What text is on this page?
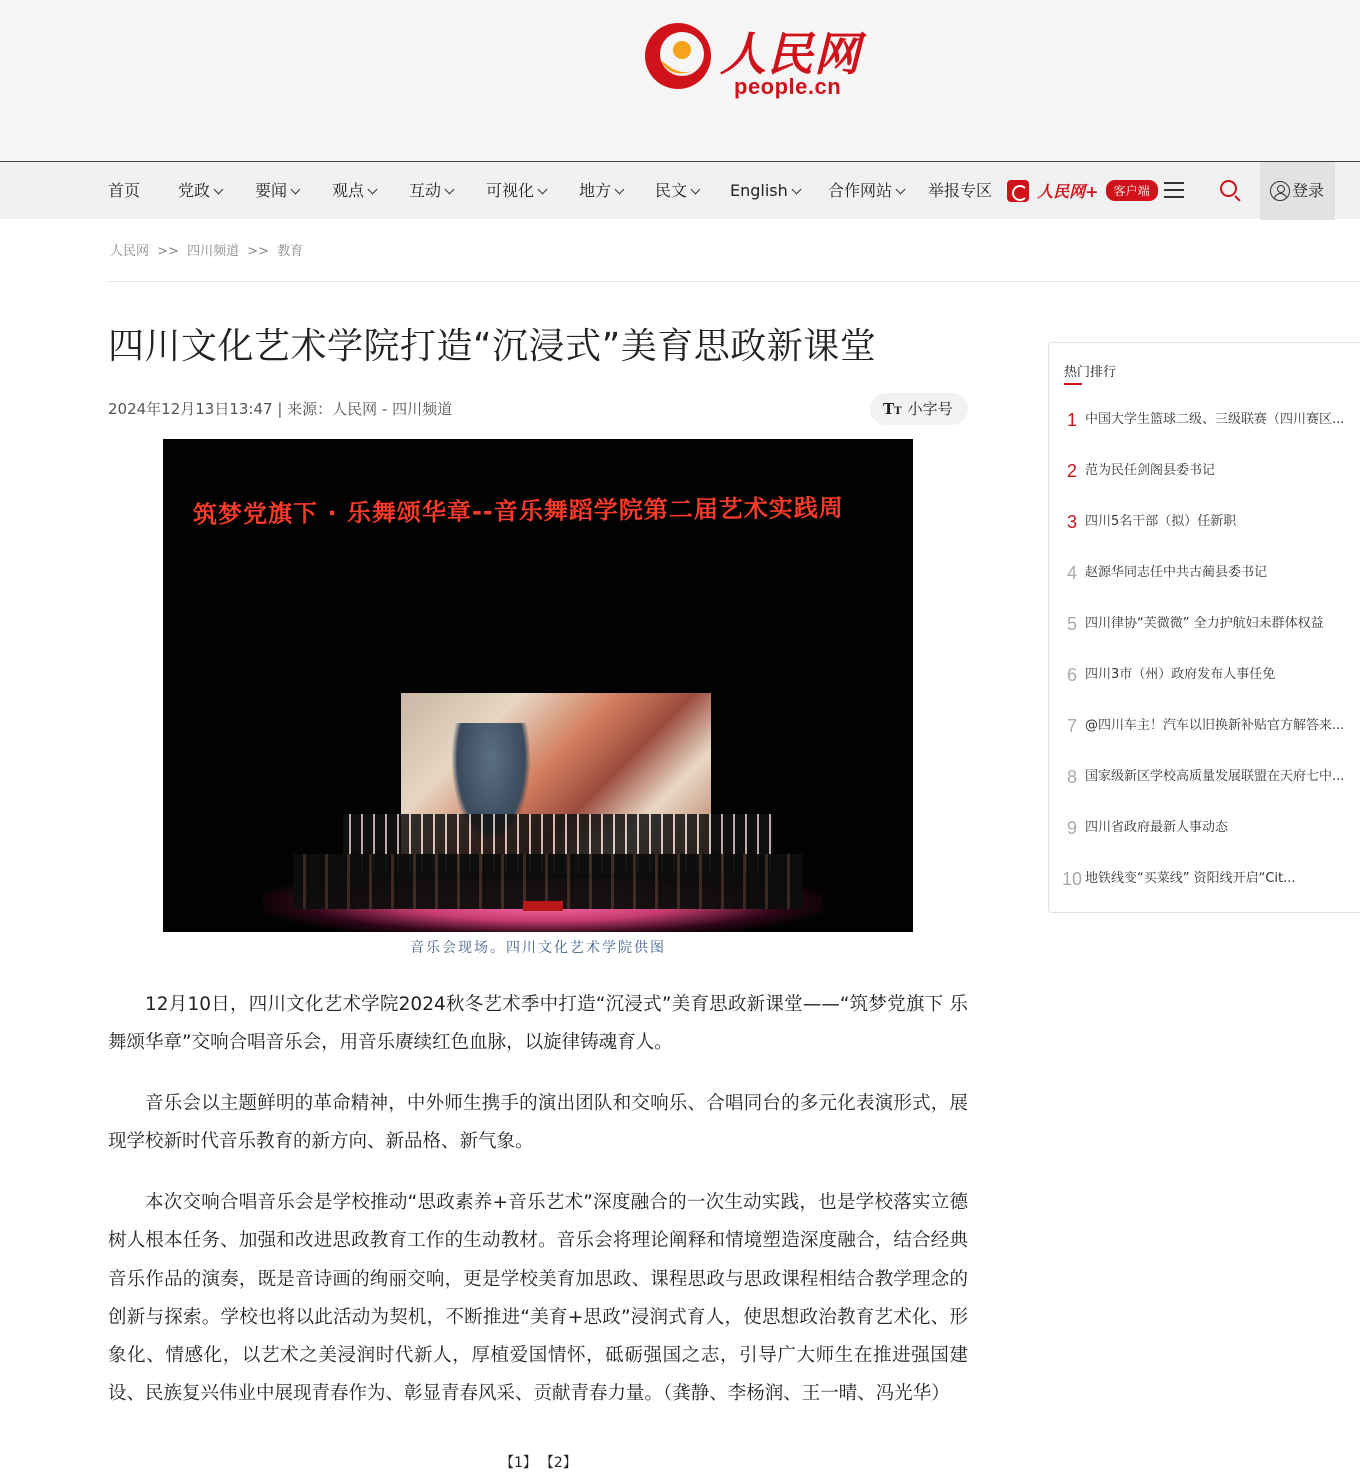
人民网
people.cn
首页 党政	要闻	观点	互动	可视化	地方	民文	English	合作网站	举报专区	人民网+ 客户端	登录
人民网 >> 四川频道 >> 教育
四川文化艺术学院打造“沉浸式”美育思政新课堂
2024年12月13日13:47 | 来源：人民网 - 四川频道	TT 小字号
筑梦党旗下 · 乐舞颂华章--音乐舞蹈学院第二届艺术实践周
音乐会现场。四川文化艺术学院供图

12月10日，四川文化艺术学院2024秋冬艺术季中打造“沉浸式”美育思政新课堂——“筑梦党旗下 乐舞颂华章”交响合唱音乐会，用音乐赓续红色血脉，以旋律铸魂育人。

音乐会以主题鲜明的革命精神，中外师生携手的演出团队和交响乐、合唱同台的多元化表演形式，展现学校新时代音乐教育的新方向、新品格、新气象。

本次交响合唱音乐会是学校推动“思政素养+音乐艺术”深度融合的一次生动实践，也是学校落实立德树人根本任务、加强和改进思政教育工作的生动教材。音乐会将理论阐释和情境塑造深度融合，结合经典音乐作品的演奏，既是音诗画的绚丽交响，更是学校美育加思政、课程思政与思政课程相结合教学理念的创新与探索。学校也将以此活动为契机，不断推进“美育+思政”浸润式育人，使思想政治教育艺术化、形象化、情感化，以艺术之美浸润时代新人，厚植爱国情怀，砥砺强国之志，引导广大师生在推进强国建设、民族复兴伟业中展现青春作为、彰显青春风采、贡献青春力量。（龚静、李杨润、王一晴、冯光华）

【1】 【2】
热门排行
1 中国大学生篮球二级、三级联赛（四川赛区...
2 范为民任剑阁县委书记
3 四川5名干部（拟）任新职
4 赵源华同志任中共古蔺县委书记
5 四川律协“芙微微” 全力护航妇未群体权益
6 四川3市（州）政府发布人事任免
7 @四川车主！汽车以旧换新补贴官方解答来...
8 国家级新区学校高质量发展联盟在天府七中...
9 四川省政府最新人事动态
10 地铁线变“买菜线” 资阳线开启“Cit...
